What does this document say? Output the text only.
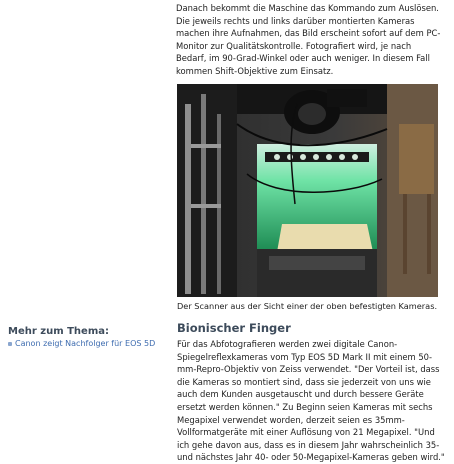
Danach bekommt die Maschine das Kommando zum Auslösen. Die jeweils rechts und links darüber montierten Kameras machen ihre Aufnahmen, das Bild erscheint sofort auf dem PC-Monitor zur Qualitätskontrolle. Fotografiert wird, je nach Bedarf, im 90-Grad-Winkel oder auch weniger. In diesem Fall kommen Shift-Objektive zum Einsatz.

Der Scanner aus der Sicht einer der oben befestigten Kameras.

Mehr zum Thema:
Canon zeigt Nachfolger für EOS 5D
Bionischer Finger

Für das Abfotografieren werden zwei digitale Canon-Spiegelreflexkameras vom Typ EOS 5D Mark II mit einem 50-mm-Repro-Objektiv von Zeiss verwendet. "Der Vorteil ist, dass die Kameras so montiert sind, dass sie jederzeit von uns wie auch dem Kunden ausgetauscht und durch bessere Geräte ersetzt werden können." Zu Beginn seien Kameras mit sechs Megapixel verwendet worden, derzeit seien es 35mm-Vollformatgeräte mit einer Auflösung von 21 Megapixel. "Und ich gehe davon aus, dass es in diesem Jahr wahrscheinlich 35- und nächstes Jahr 40- oder 50-Megapixel-Kameras geben wird."
